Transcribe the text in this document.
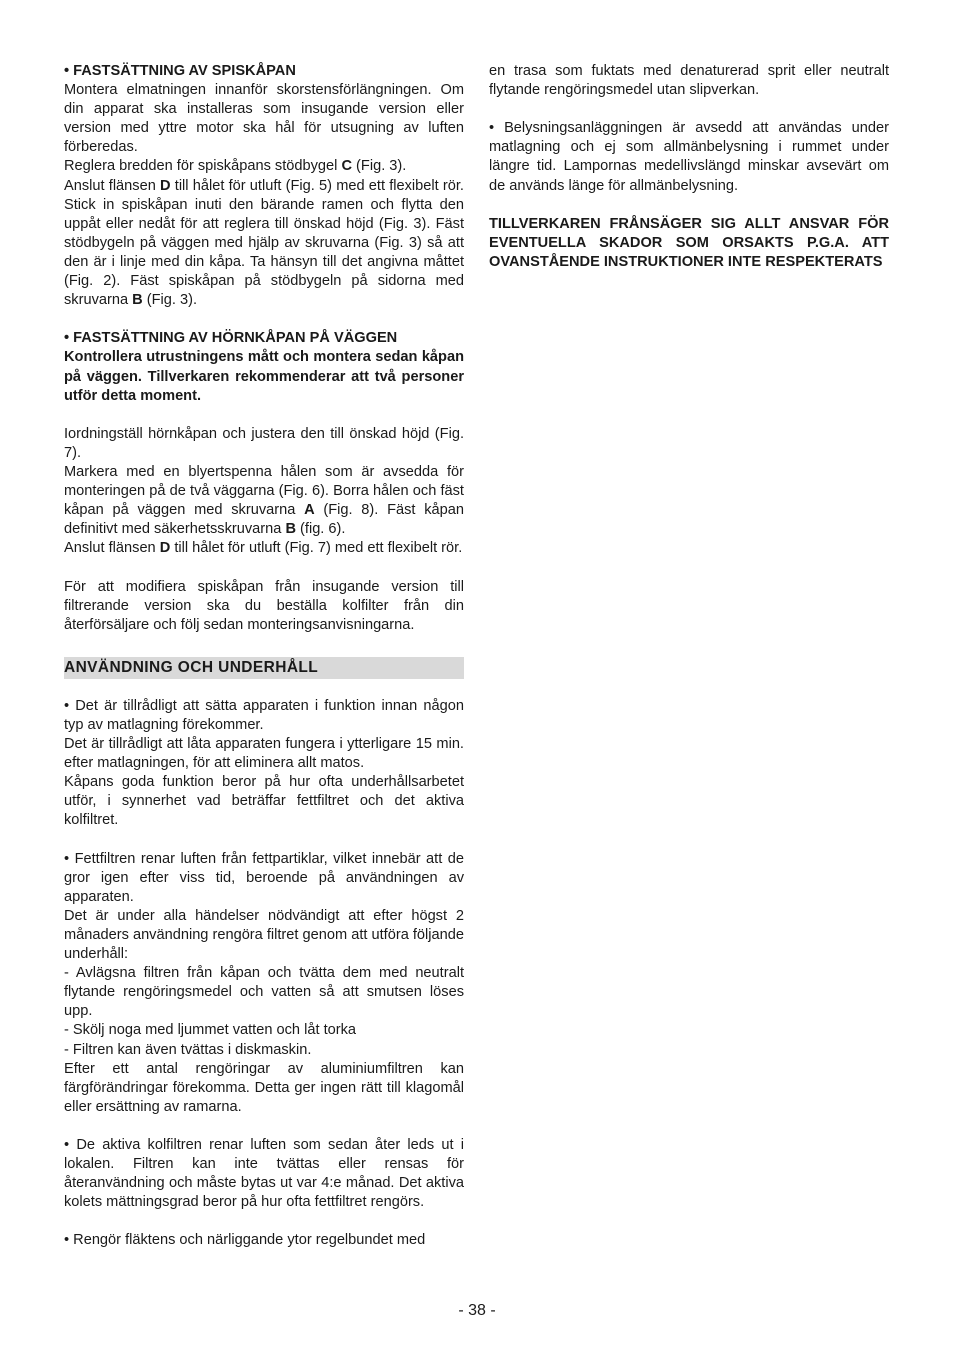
• FASTSÄTTNING AV SPISKÅPAN

Montera elmatningen innanför skorstensförlängningen. Om din apparat ska installeras som insugande version eller version med yttre motor ska hål för utsugning av luften förberedas.

Reglera bredden för spiskåpans stödbygel C (Fig. 3).

Anslut flänsen D till hålet för utluft (Fig. 5) med ett flexibelt rör. Stick in spiskåpan inuti den bärande ramen och flytta den uppåt eller nedåt för att reglera till önskad höjd (Fig. 3). Fäst stödbygeln på väggen med hjälp av skruvarna (Fig. 3) så att den är i linje med din kåpa. Ta hänsyn till det angivna måttet (Fig. 2). Fäst spiskåpan på stödbygeln på sidorna med skruvarna B (Fig. 3).

• FASTSÄTTNING AV HÖRNKÅPAN PÅ VÄGGEN

Kontrollera utrustningens mått och montera sedan kåpan på väggen. Tillverkaren rekommenderar att två personer utför detta moment.

Iordningställ hörnkåpan och justera den till önskad höjd (Fig. 7).

Markera med en blyertspenna hålen som är avsedda för monteringen på de två väggarna (Fig. 6). Borra hålen och fäst kåpan på väggen med skruvarna A (Fig. 8). Fäst kåpan definitivt med säkerhetsskruvarna B (fig. 6).

Anslut flänsen D till hålet för utluft (Fig. 7) med ett flexibelt rör.

För att modifiera spiskåpan från insugande version till filtrerande version ska du beställa kolfilter från din återförsäljare och följ sedan monteringsanvisningarna.

ANVÄNDNING OCH UNDERHÅLL

• Det är tillrådligt att sätta apparaten i funktion innan någon typ av matlagning förekommer.

Det är tillrådligt att låta apparaten fungera i ytterligare 15 min. efter matlagningen, för att eliminera allt matos.

Kåpans goda funktion beror på hur ofta underhållsarbetet utför, i synnerhet vad beträffar fettfiltret och det aktiva kolfiltret.

• Fettfiltren renar luften från fettpartiklar, vilket innebär att de gror igen efter viss tid, beroende på användningen av apparaten.

Det är under alla händelser nödvändigt att efter högst 2 månaders användning rengöra filtret genom att utföra följande underhåll:

- Avlägsna filtren från kåpan och tvätta dem med neutralt flytande rengöringsmedel och vatten så att smutsen löses upp.

- Skölj noga med ljummet vatten och låt torka

- Filtren kan även tvättas i diskmaskin.

Efter ett antal rengöringar av aluminiumfiltren kan färgförändringar förekomma. Detta ger ingen rätt till klagomål eller ersättning av ramarna.

• De aktiva kolfiltren renar luften som sedan åter leds ut i lokalen. Filtren kan inte tvättas eller rensas för återanvändning och måste bytas ut var 4:e månad. Det aktiva kolets mättningsgrad beror på hur ofta fettfiltret rengörs.

• Rengör fläktens och närliggande ytor regelbundet med

en trasa som fuktats med denaturerad sprit eller neutralt flytande rengöringsmedel utan slipverkan.

• Belysningsanläggningen är avsedd att användas under matlagning och ej som allmänbelysning i rummet under längre tid. Lampornas medellivslängd minskar avsevärt om de används länge för allmänbelysning.

TILLVERKAREN FRÅNSÄGER SIG ALLT ANSVAR FÖR EVENTUELLA SKADOR SOM ORSAKTS P.G.A. ATT OVANSTÅENDE INSTRUKTIONER INTE RESPEKTERATS

- 38 -
